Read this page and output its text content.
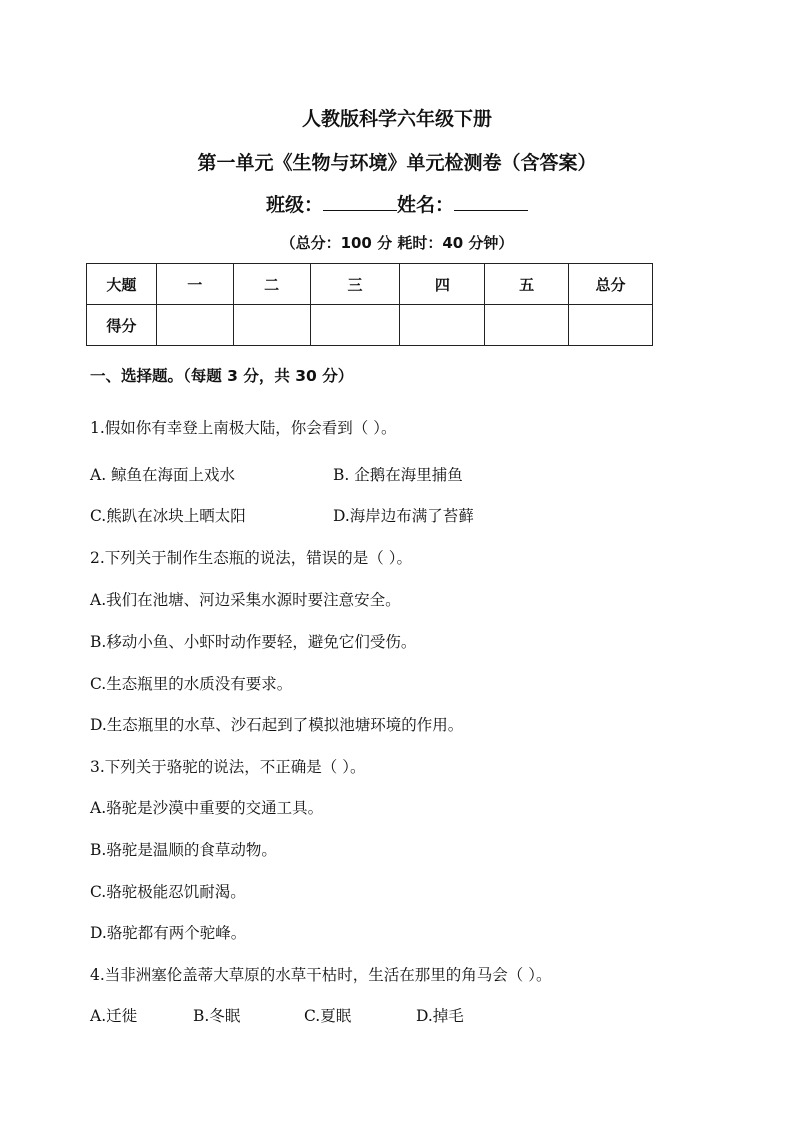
人教版科学六年级下册
第一单元《生物与环境》单元检测卷（含答案）
班级：	姓名：
（总分：100 分 耗时：40 分钟）
大题	一	二	三	四	五	总分
得分						
一、选择题。（每题 3 分，共 30 分）
1.假如你有幸登上南极大陆，你会看到（ ）。
A. 鲸鱼在海面上戏水	B. 企鹅在海里捕鱼
C.熊趴在冰块上晒太阳	D.海岸边布满了苔藓
2.下列关于制作生态瓶的说法，错误的是（ ）。
A.我们在池塘、河边采集水源时要注意安全。
B.移动小鱼、小虾时动作要轻，避免它们受伤。
C.生态瓶里的水质没有要求。
D.生态瓶里的水草、沙石起到了模拟池塘环境的作用。
3.下列关于骆驼的说法，不正确是（ ）。
A.骆驼是沙漠中重要的交通工具。
B.骆驼是温顺的食草动物。
C.骆驼极能忍饥耐渴。
D.骆驼都有两个驼峰。
4.当非洲塞伦盖蒂大草原的水草干枯时，生活在那里的角马会（ ）。
A.迁徙	B.冬眠	C.夏眠	D.掉毛
